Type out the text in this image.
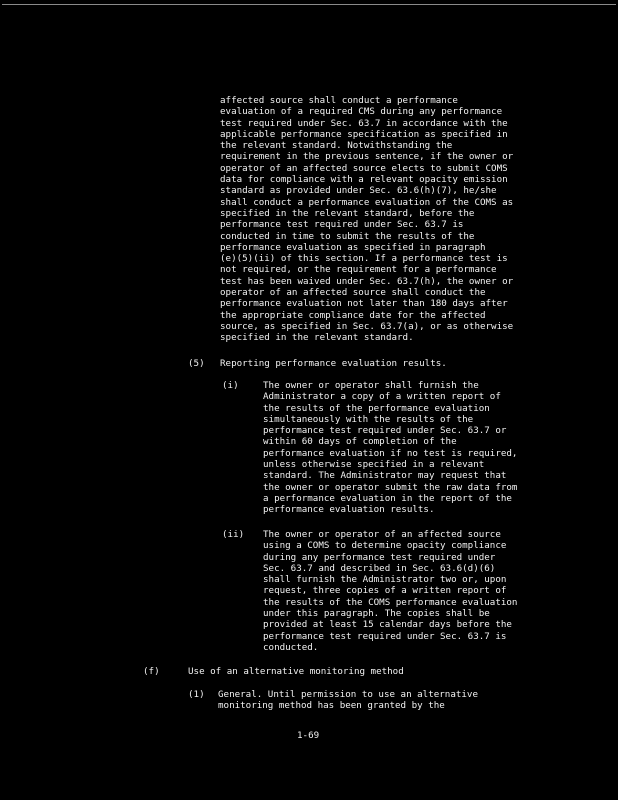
affected source shall conduct a performance
evaluation of a required CMS during any performance
test required under Sec. 63.7 in accordance with the
applicable performance specification as specified in
the relevant standard. Notwithstanding the
requirement in the previous sentence, if the owner or
operator of an affected source elects to submit COMS
data for compliance with a relevant opacity emission
standard as provided under Sec. 63.6(h)(7), he/she
shall conduct a performance evaluation of the COMS as
specified in the relevant standard, before the
performance test required under Sec. 63.7 is
conducted in time to submit the results of the
performance evaluation as specified in paragraph
(e)(5)(ii) of this section. If a performance test is
not required, or the requirement for a performance
test has been waived under Sec. 63.7(h), the owner or
operator of an affected source shall conduct the
performance evaluation not later than 180 days after
the appropriate compliance date for the affected
source, as specified in Sec. 63.7(a), or as otherwise
specified in the relevant standard.
(5) Reporting performance evaluation results.
(i)	The owner or operator shall furnish the
Administrator a copy of a written report of
the results of the performance evaluation
simultaneously with the results of the
performance test required under Sec. 63.7 or
within 60 days of completion of the
performance evaluation if no test is required,
unless otherwise specified in a relevant
standard. The Administrator may request that
the owner or operator submit the raw data from
a performance evaluation in the report of the
performance evaluation results.
(ii) The owner or operator of an affected source
using a COMS to determine opacity compliance
during any performance test required under
Sec. 63.7 and described in Sec. 63.6(d)(6)
shall furnish the Administrator two or, upon
request, three copies of a written report of
the results of the COMS performance evaluation
under this paragraph. The copies shall be
provided at least 15 calendar days before the
performance test required under Sec. 63.7 is
conducted.
(f)	Use of an alternative monitoring method
(1) General. Until permission to use an alternative
monitoring method has been granted by the
1-69
